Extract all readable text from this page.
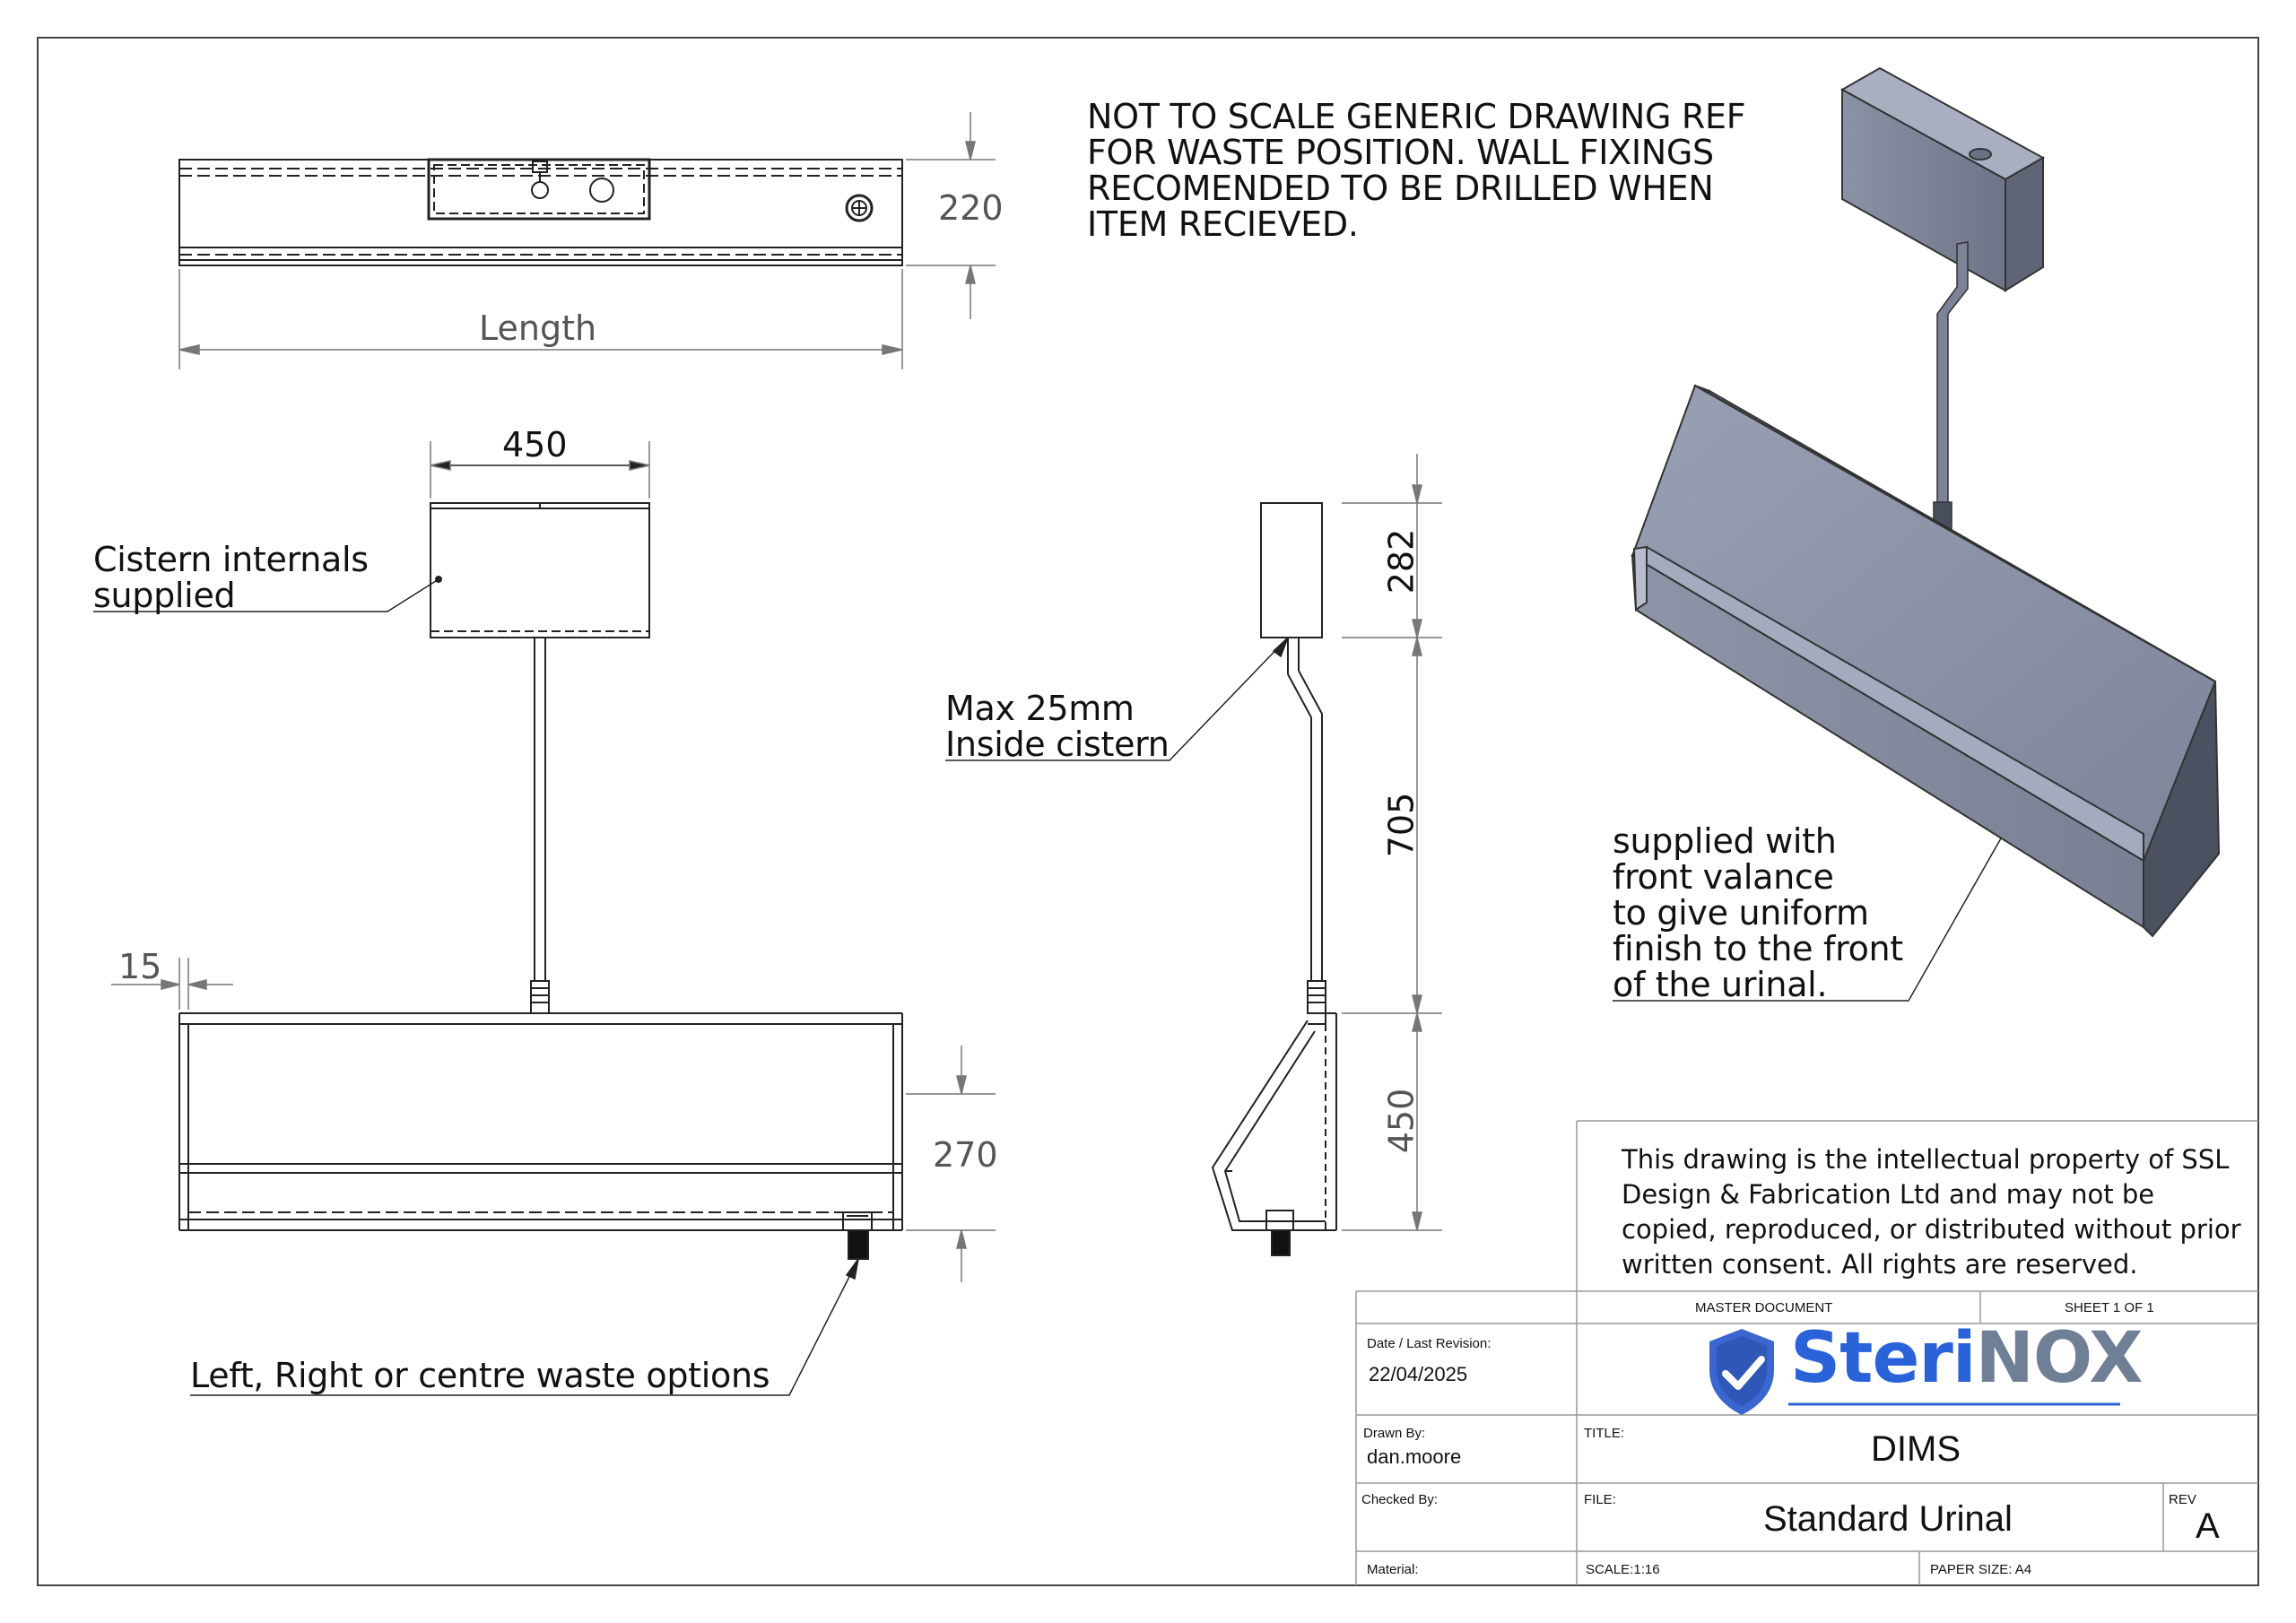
NOT TO SCALE GENERIC DRAWING REF
FOR WASTE POSITION. WALL FIXINGS
RECOMENDED TO BE DRILLED WHEN
ITEM RECIEVED.
Cistern internals
supplied
Max 25mm
Inside cistern
supplied with
front valance
to give uniform
finish to the front
of the urinal.
Left, Right or centre waste options
220
Length
450
15
270
282
705
450
This drawing is the intellectual property of SSL Design & Fabrication Ltd and may not be copied, reproduced, or distributed without prior written consent. All rights are reserved.
MASTER DOCUMENT	SHEET 1 OF 1
Date / Last Revision:
22/04/2025
Drawn By:
dan.moore
Checked By:
TITLE:	DIMS
FILE:	Standard Urinal	REV
A
Material:	SCALE:1:16	PAPER SIZE: A4
Steri NOX
